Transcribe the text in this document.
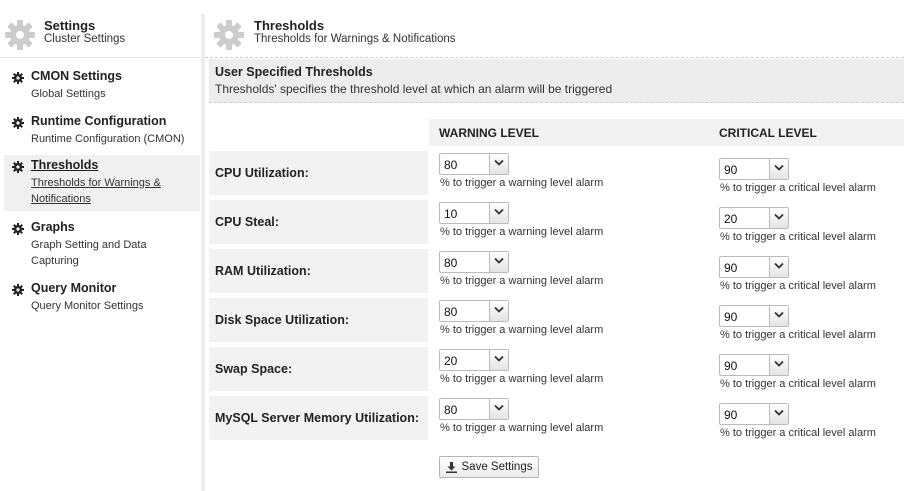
Settings
Cluster Settings
CMON Settings
Global Settings
Runtime Configuration
Runtime Configuration (CMON)
Thresholds
Thresholds for Warnings & Notifications
Graphs
Graph Setting and Data Capturing
Query Monitor
Query Monitor Settings
Thresholds
Thresholds for Warnings & Notifications
User Specified Thresholds
Thresholds' specifies the threshold level at which an alarm will be triggered
WARNING LEVEL	CRITICAL LEVEL
CPU Utilization:
80
% to trigger a warning level alarm
90
% to trigger a critical level alarm
CPU Steal:
10
% to trigger a warning level alarm
20
% to trigger a critical level alarm
RAM Utilization:
80
% to trigger a warning level alarm
90
% to trigger a critical level alarm
Disk Space Utilization:
80
% to trigger a warning level alarm
90
% to trigger a critical level alarm
Swap Space:
20
% to trigger a warning level alarm
90
% to trigger a critical level alarm
MySQL Server Memory Utilization:
80
% to trigger a warning level alarm
90
% to trigger a critical level alarm
Save Settings
